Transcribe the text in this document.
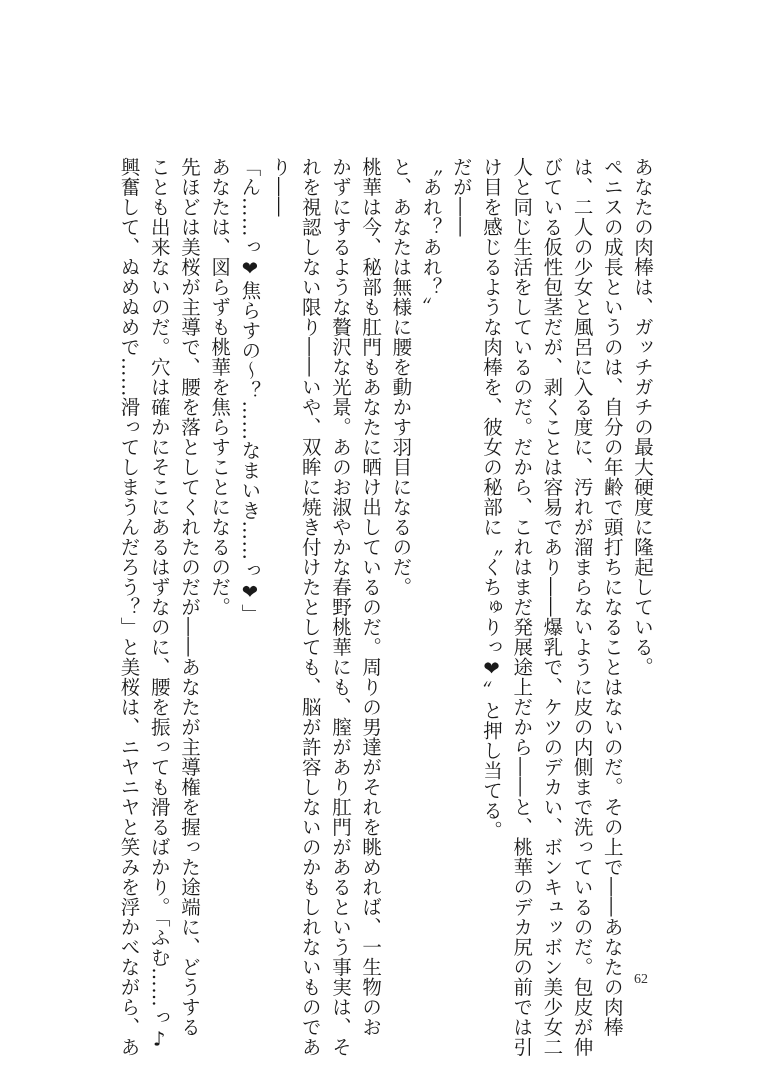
あなたの肉棒は、ガッチガチの最大硬度に隆起している。
ペニスの成長というのは、自分の年齢で頭打ちになることはないのだ。その上で――あなたの肉棒
は、二人の少女と風呂に入る度に、汚れが溜まらないように皮の内側まで洗っているのだ。包皮が伸
びている仮性包茎だが、剥くことは容易であり――爆乳で、ケツのデカい、ボンキュッボン美少女二
人と同じ生活をしているのだ。だから、これはまだ発展途上だから――と、桃華のデカ尻の前では引
け目を感じるような肉棒を、彼女の秘部に〝くちゅりっ❤〟と押し当てる。
だが――
〝あれ？あれ？〟
と、あなたは無様に腰を動かす羽目になるのだ。
桃華は今、秘部も肛門もあなたに晒け出しているのだ。周りの男達がそれを眺めれば、一生物のお
かずにするような贅沢な光景。あのお淑やかな春野桃華にも、膣があり肛門があるという事実は、そ
れを視認しない限り――いや、双眸に焼き付けたとしても、脳が許容しないのかもしれないものであ
り――
「ん……っ❤焦らすの～？……なまいき……っ❤」
あなたは、図らずも桃華を焦らすことになるのだ。
先ほどは美桜が主導で、腰を落としてくれたのだが――あなたが主導権を握った途端に、どうする
ことも出来ないのだ。穴は確かにそこにあるはずなのに、腰を振っても滑るばかり。「ふむ……っ♪
興奮して、ぬめぬめで……滑ってしまうんだろう？」と美桜は、ニヤニヤと笑みを浮かべながら、あ	62
